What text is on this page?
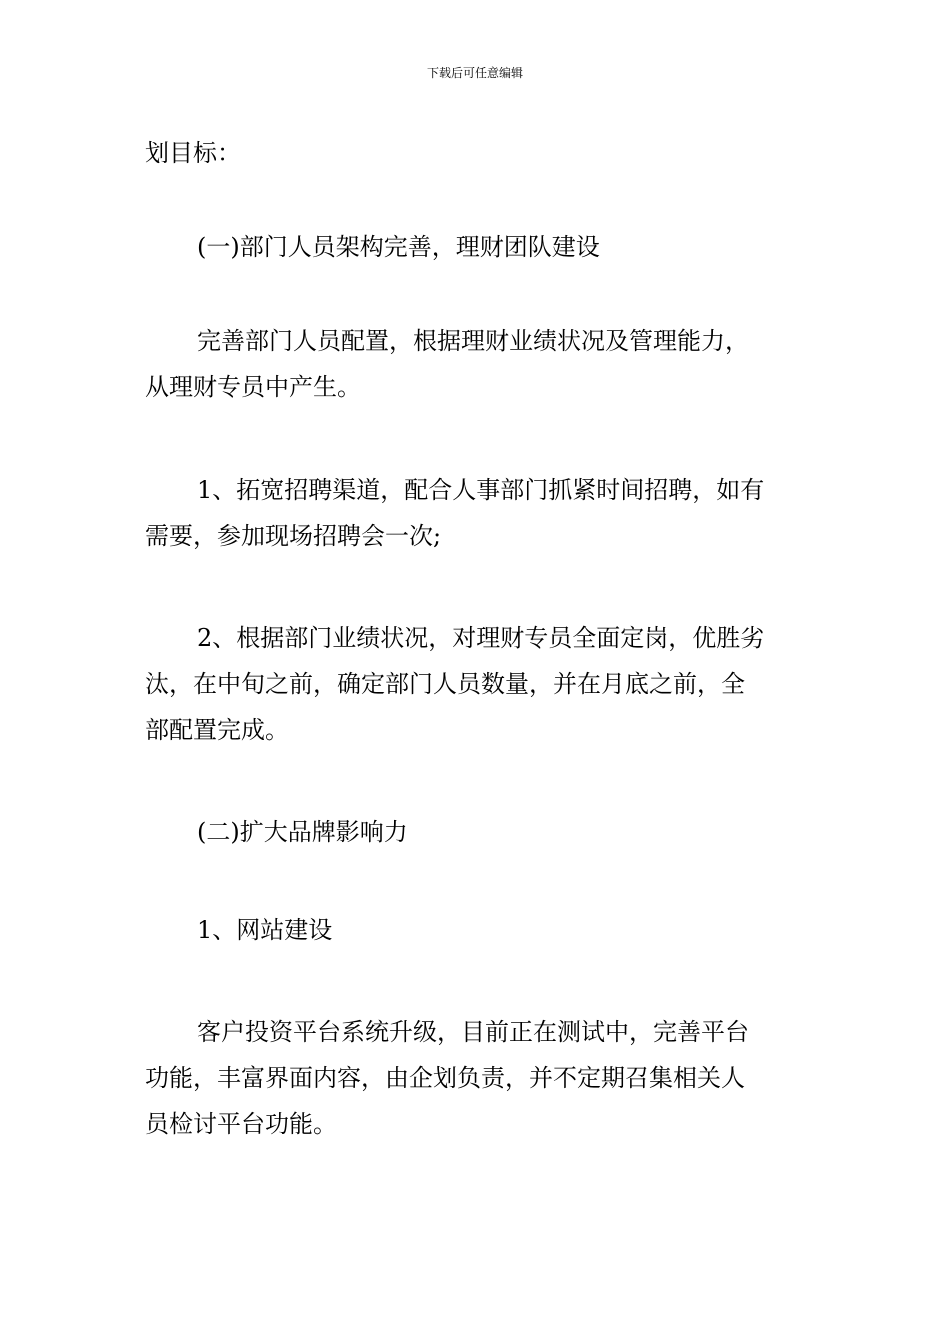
下载后可任意编辑

划目标：

(一)部门人员架构完善，理财团队建设

完善部门人员配置，根据理财业绩状况及管理能力，

从理财专员中产生。

1、拓宽招聘渠道，配合人事部门抓紧时间招聘，如有

需要，参加现场招聘会一次;

2、根据部门业绩状况，对理财专员全面定岗，优胜劣

汰，在中旬之前，确定部门人员数量，并在月底之前，全

部配置完成。

(二)扩大品牌影响力

1、网站建设

客户投资平台系统升级，目前正在测试中，完善平台

功能，丰富界面内容，由企划负责，并不定期召集相关人

员检讨平台功能。
